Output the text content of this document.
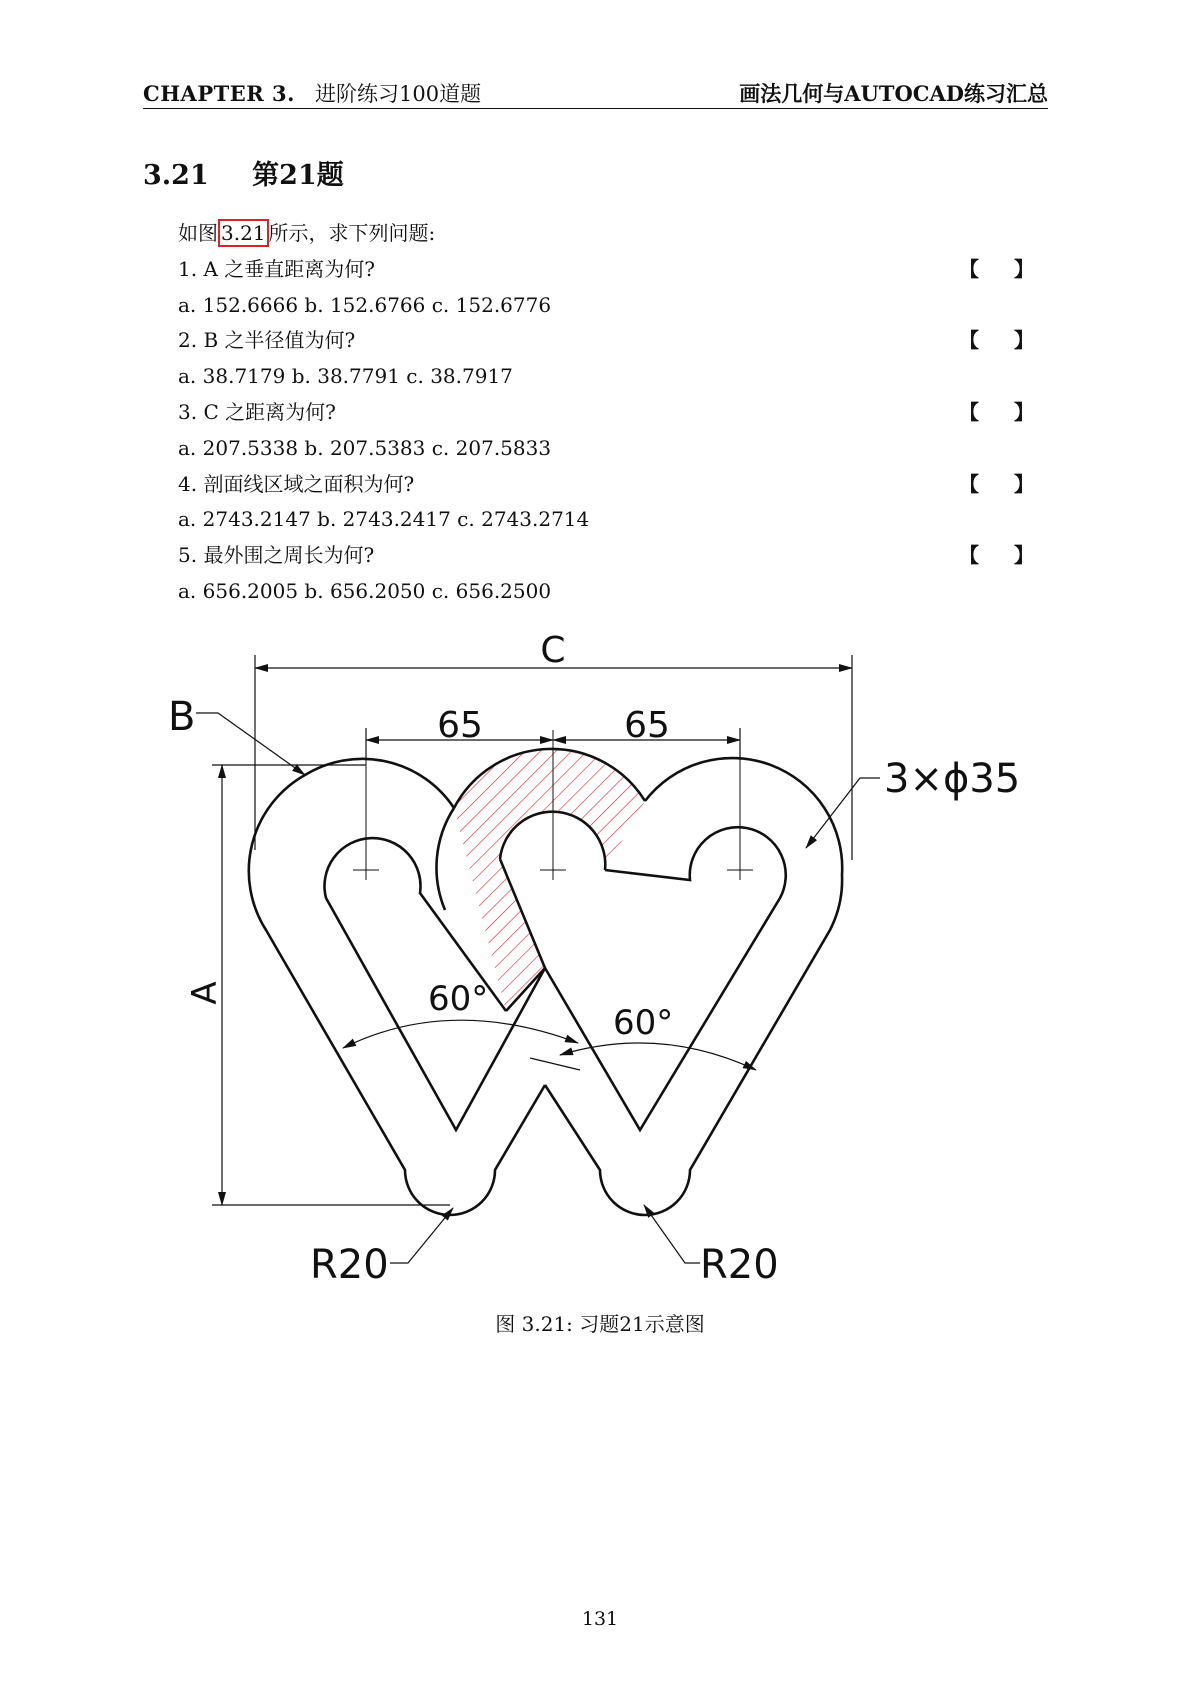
CHAPTER 3. 进阶练习100道题	画法几何与AUTOCAD练习汇总
3.21 第21题
如图 3.21 所示，求下列问题:
1. A 之垂直距离为何?	【 】
a. 152.6666 b. 152.6766 c. 152.6776
2. B 之半径值为何?	【 】
a. 38.7179 b. 38.7791 c. 38.7917
3. C 之距离为何?	【 】
a. 207.5338 b. 207.5383 c. 207.5833
4. 剖面线区域之面积为何?	【 】
a. 2743.2147 b. 2743.2417 c. 2743.2714
5. 最外围之周长为何?	【 】
a. 656.2005 b. 656.2050 c. 656.2500
C
65	65
B
A
3×ϕ35
60°
60°
R20	R20
图 3.21: 习题21示意图
131
